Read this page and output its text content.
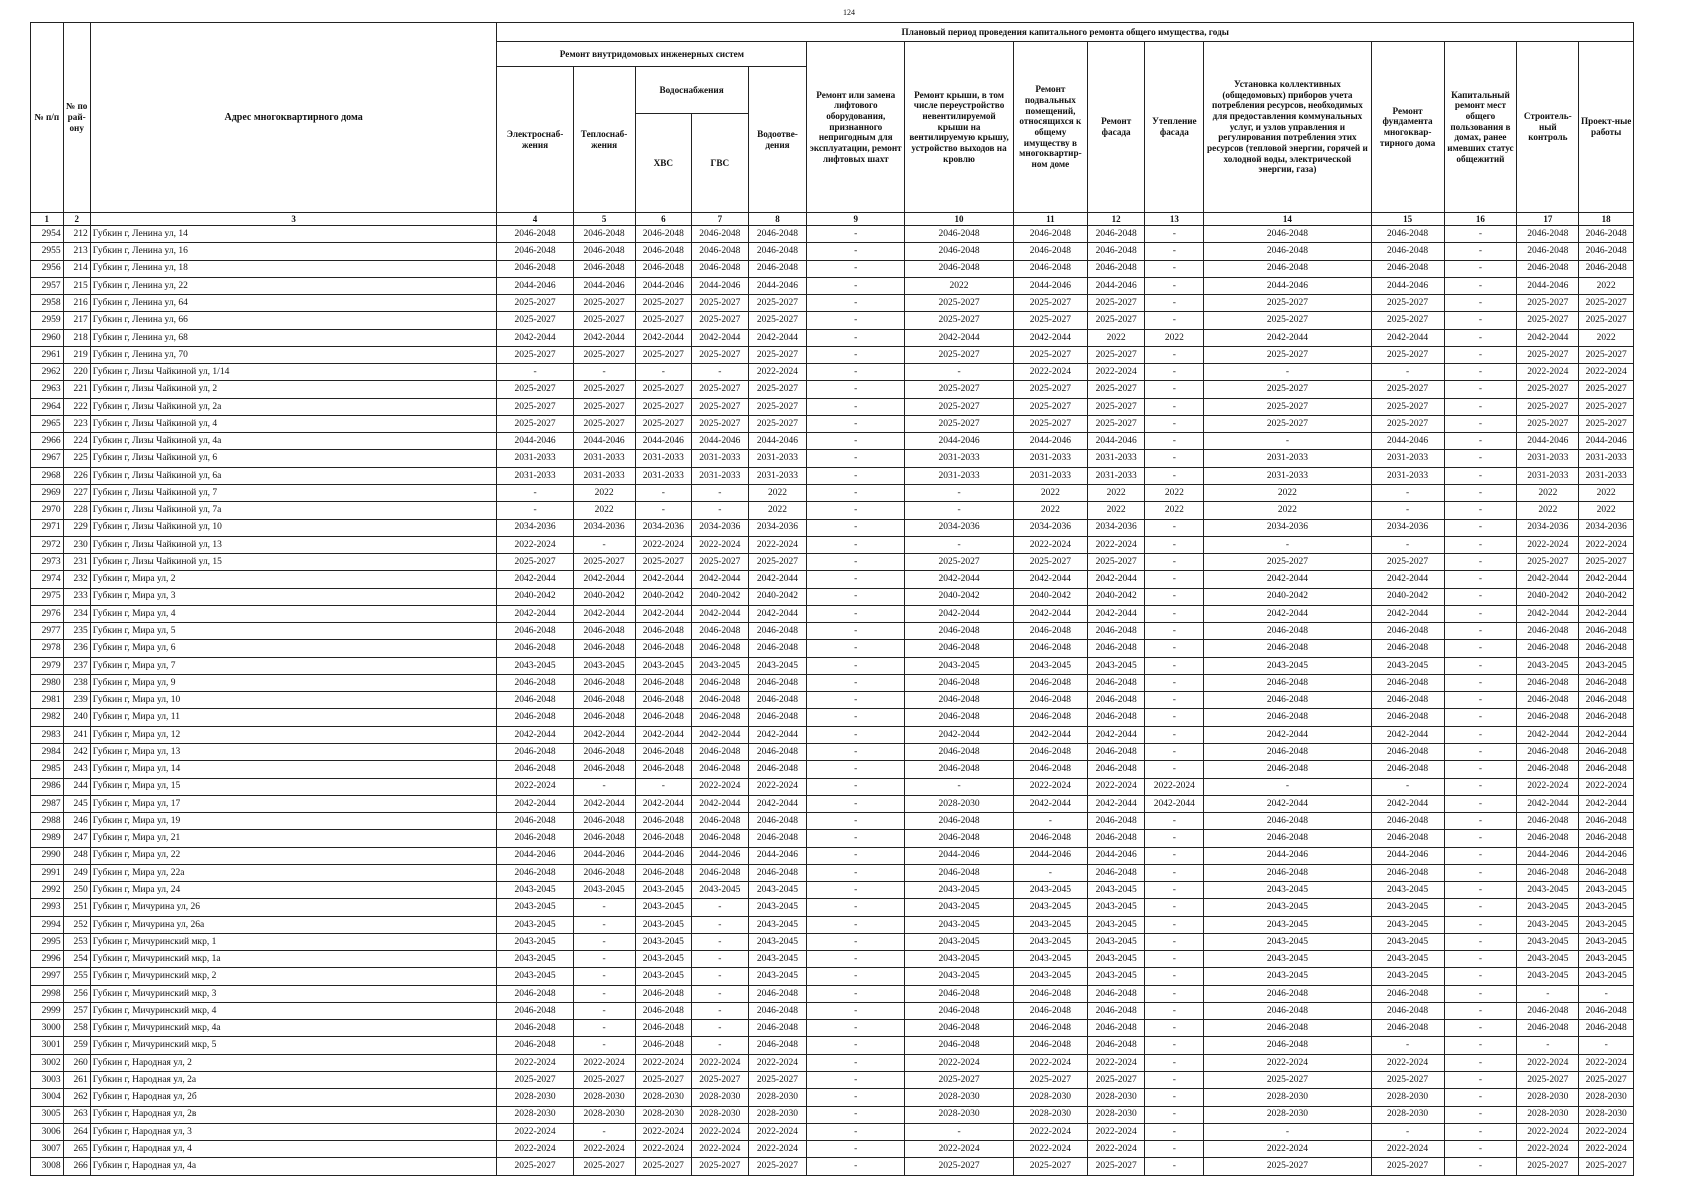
124
№ п/п	№ по рай-ону	Адрес многоквартирного дома	Плановый период проведения капитального ремонта общего имущества, годы														
			Ремонт внутридомовых инженерных систем					Ремонт или замена лифтового оборудования, признанного непригодным для эксплуатации, ремонт лифтовых шахт	Ремонт крыши, в том числе переустройство невентилируемой крыши на вентилируемую крышу, устройство выходов на кровлю	Ремонт подвальных помещений, относящихся к общему имуществу в многоквартир-ном доме	Ремонт фасада	Утепление фасада	Установка коллективных (общедомовых) приборов учета потребления ресурсов, необходимых для предоставления коммунальных услуг, и узлов управления и регулирования потребления этих ресурсов (тепловой энергии, горячей и холодной воды, электрической энергии, газа)	Ремонт фундамента многоквар-тирного дома	Капитальный ремонт мест общего пользования в домах, ранее имевших статус общежитий	Строитель-ный контроль	Проект-ные работы
			Электроснаб-жения	Теплоснаб-жения	Водоснабжения		Водоотве-дения										
					ХВС	ГВС											
1	2	3	4	5	6	7	8	9	10	11	12	13	14	15	16	17	18
2954	212	Губкин г, Ленина ул, 14	2046-2048	2046-2048	2046-2048	2046-2048	2046-2048	-	2046-2048	2046-2048	2046-2048	-	2046-2048	2046-2048	-	2046-2048	2046-2048
2955	213	Губкин г, Ленина ул, 16	2046-2048	2046-2048	2046-2048	2046-2048	2046-2048	-	2046-2048	2046-2048	2046-2048	-	2046-2048	2046-2048	-	2046-2048	2046-2048
2956	214	Губкин г, Ленина ул, 18	2046-2048	2046-2048	2046-2048	2046-2048	2046-2048	-	2046-2048	2046-2048	2046-2048	-	2046-2048	2046-2048	-	2046-2048	2046-2048
2957	215	Губкин г, Ленина ул, 22	2044-2046	2044-2046	2044-2046	2044-2046	2044-2046	-	2022	2044-2046	2044-2046	-	2044-2046	2044-2046	-	2044-2046	2022
2958	216	Губкин г, Ленина ул, 64	2025-2027	2025-2027	2025-2027	2025-2027	2025-2027	-	2025-2027	2025-2027	2025-2027	-	2025-2027	2025-2027	-	2025-2027	2025-2027
2959	217	Губкин г, Ленина ул, 66	2025-2027	2025-2027	2025-2027	2025-2027	2025-2027	-	2025-2027	2025-2027	2025-2027	-	2025-2027	2025-2027	-	2025-2027	2025-2027
2960	218	Губкин г, Ленина ул, 68	2042-2044	2042-2044	2042-2044	2042-2044	2042-2044	-	2042-2044	2042-2044	2022	2022	2042-2044	2042-2044	-	2042-2044	2022
2961	219	Губкин г, Ленина ул, 70	2025-2027	2025-2027	2025-2027	2025-2027	2025-2027	-	2025-2027	2025-2027	2025-2027	-	2025-2027	2025-2027	-	2025-2027	2025-2027
2962	220	Губкин г, Лизы Чайкиной ул, 1/14	-	-	-	-	2022-2024	-	-	2022-2024	2022-2024	-	-	-	-	2022-2024	2022-2024
2963	221	Губкин г, Лизы Чайкиной ул, 2	2025-2027	2025-2027	2025-2027	2025-2027	2025-2027	-	2025-2027	2025-2027	2025-2027	-	2025-2027	2025-2027	-	2025-2027	2025-2027
2964	222	Губкин г, Лизы Чайкиной ул, 2а	2025-2027	2025-2027	2025-2027	2025-2027	2025-2027	-	2025-2027	2025-2027	2025-2027	-	2025-2027	2025-2027	-	2025-2027	2025-2027
2965	223	Губкин г, Лизы Чайкиной ул, 4	2025-2027	2025-2027	2025-2027	2025-2027	2025-2027	-	2025-2027	2025-2027	2025-2027	-	2025-2027	2025-2027	-	2025-2027	2025-2027
2966	224	Губкин г, Лизы Чайкиной ул, 4а	2044-2046	2044-2046	2044-2046	2044-2046	2044-2046	-	2044-2046	2044-2046	2044-2046	-	-	2044-2046	-	2044-2046	2044-2046
2967	225	Губкин г, Лизы Чайкиной ул, 6	2031-2033	2031-2033	2031-2033	2031-2033	2031-2033	-	2031-2033	2031-2033	2031-2033	-	2031-2033	2031-2033	-	2031-2033	2031-2033
2968	226	Губкин г, Лизы Чайкиной ул, 6а	2031-2033	2031-2033	2031-2033	2031-2033	2031-2033	-	2031-2033	2031-2033	2031-2033	-	2031-2033	2031-2033	-	2031-2033	2031-2033
2969	227	Губкин г, Лизы Чайкиной ул, 7	-	2022	-	-	2022	-	-	2022	2022	2022	2022	-	-	2022	2022
2970	228	Губкин г, Лизы Чайкиной ул, 7а	-	2022	-	-	2022	-	-	2022	2022	2022	2022	-	-	2022	2022
2971	229	Губкин г, Лизы Чайкиной ул, 10	2034-2036	2034-2036	2034-2036	2034-2036	2034-2036	-	2034-2036	2034-2036	2034-2036	-	2034-2036	2034-2036	-	2034-2036	2034-2036
2972	230	Губкин г, Лизы Чайкиной ул, 13	2022-2024	-	2022-2024	2022-2024	2022-2024	-	-	2022-2024	2022-2024	-	-	-	-	2022-2024	2022-2024
2973	231	Губкин г, Лизы Чайкиной ул, 15	2025-2027	2025-2027	2025-2027	2025-2027	2025-2027	-	2025-2027	2025-2027	2025-2027	-	2025-2027	2025-2027	-	2025-2027	2025-2027
2974	232	Губкин г, Мира ул, 2	2042-2044	2042-2044	2042-2044	2042-2044	2042-2044	-	2042-2044	2042-2044	2042-2044	-	2042-2044	2042-2044	-	2042-2044	2042-2044
2975	233	Губкин г, Мира ул, 3	2040-2042	2040-2042	2040-2042	2040-2042	2040-2042	-	2040-2042	2040-2042	2040-2042	-	2040-2042	2040-2042	-	2040-2042	2040-2042
2976	234	Губкин г, Мира ул, 4	2042-2044	2042-2044	2042-2044	2042-2044	2042-2044	-	2042-2044	2042-2044	2042-2044	-	2042-2044	2042-2044	-	2042-2044	2042-2044
2977	235	Губкин г, Мира ул, 5	2046-2048	2046-2048	2046-2048	2046-2048	2046-2048	-	2046-2048	2046-2048	2046-2048	-	2046-2048	2046-2048	-	2046-2048	2046-2048
2978	236	Губкин г, Мира ул, 6	2046-2048	2046-2048	2046-2048	2046-2048	2046-2048	-	2046-2048	2046-2048	2046-2048	-	2046-2048	2046-2048	-	2046-2048	2046-2048
2979	237	Губкин г, Мира ул, 7	2043-2045	2043-2045	2043-2045	2043-2045	2043-2045	-	2043-2045	2043-2045	2043-2045	-	2043-2045	2043-2045	-	2043-2045	2043-2045
2980	238	Губкин г, Мира ул, 9	2046-2048	2046-2048	2046-2048	2046-2048	2046-2048	-	2046-2048	2046-2048	2046-2048	-	2046-2048	2046-2048	-	2046-2048	2046-2048
2981	239	Губкин г, Мира ул, 10	2046-2048	2046-2048	2046-2048	2046-2048	2046-2048	-	2046-2048	2046-2048	2046-2048	-	2046-2048	2046-2048	-	2046-2048	2046-2048
2982	240	Губкин г, Мира ул, 11	2046-2048	2046-2048	2046-2048	2046-2048	2046-2048	-	2046-2048	2046-2048	2046-2048	-	2046-2048	2046-2048	-	2046-2048	2046-2048
2983	241	Губкин г, Мира ул, 12	2042-2044	2042-2044	2042-2044	2042-2044	2042-2044	-	2042-2044	2042-2044	2042-2044	-	2042-2044	2042-2044	-	2042-2044	2042-2044
2984	242	Губкин г, Мира ул, 13	2046-2048	2046-2048	2046-2048	2046-2048	2046-2048	-	2046-2048	2046-2048	2046-2048	-	2046-2048	2046-2048	-	2046-2048	2046-2048
2985	243	Губкин г, Мира ул, 14	2046-2048	2046-2048	2046-2048	2046-2048	2046-2048	-	2046-2048	2046-2048	2046-2048	-	2046-2048	2046-2048	-	2046-2048	2046-2048
2986	244	Губкин г, Мира ул, 15	2022-2024	-	-	2022-2024	2022-2024	-	-	2022-2024	2022-2024	2022-2024	-	-	-	2022-2024	2022-2024
2987	245	Губкин г, Мира ул, 17	2042-2044	2042-2044	2042-2044	2042-2044	2042-2044	-	2028-2030	2042-2044	2042-2044	2042-2044	2042-2044	2042-2044	-	2042-2044	2042-2044
2988	246	Губкин г, Мира ул, 19	2046-2048	2046-2048	2046-2048	2046-2048	2046-2048	-	2046-2048	-	2046-2048	-	2046-2048	2046-2048	-	2046-2048	2046-2048
2989	247	Губкин г, Мира ул, 21	2046-2048	2046-2048	2046-2048	2046-2048	2046-2048	-	2046-2048	2046-2048	2046-2048	-	2046-2048	2046-2048	-	2046-2048	2046-2048
2990	248	Губкин г, Мира ул, 22	2044-2046	2044-2046	2044-2046	2044-2046	2044-2046	-	2044-2046	2044-2046	2044-2046	-	2044-2046	2044-2046	-	2044-2046	2044-2046
2991	249	Губкин г, Мира ул, 22а	2046-2048	2046-2048	2046-2048	2046-2048	2046-2048	-	2046-2048	-	2046-2048	-	2046-2048	2046-2048	-	2046-2048	2046-2048
2992	250	Губкин г, Мира ул, 24	2043-2045	2043-2045	2043-2045	2043-2045	2043-2045	-	2043-2045	2043-2045	2043-2045	-	2043-2045	2043-2045	-	2043-2045	2043-2045
2993	251	Губкин г, Мичурина ул, 26	2043-2045	-	2043-2045	-	2043-2045	-	2043-2045	2043-2045	2043-2045	-	2043-2045	2043-2045	-	2043-2045	2043-2045
2994	252	Губкин г, Мичурина ул, 26а	2043-2045	-	2043-2045	-	2043-2045	-	2043-2045	2043-2045	2043-2045	-	2043-2045	2043-2045	-	2043-2045	2043-2045
2995	253	Губкин г, Мичуринский мкр, 1	2043-2045	-	2043-2045	-	2043-2045	-	2043-2045	2043-2045	2043-2045	-	2043-2045	2043-2045	-	2043-2045	2043-2045
2996	254	Губкин г, Мичуринский мкр, 1а	2043-2045	-	2043-2045	-	2043-2045	-	2043-2045	2043-2045	2043-2045	-	2043-2045	2043-2045	-	2043-2045	2043-2045
2997	255	Губкин г, Мичуринский мкр, 2	2043-2045	-	2043-2045	-	2043-2045	-	2043-2045	2043-2045	2043-2045	-	2043-2045	2043-2045	-	2043-2045	2043-2045
2998	256	Губкин г, Мичуринский мкр, 3	2046-2048	-	2046-2048	-	2046-2048	-	2046-2048	2046-2048	2046-2048	-	2046-2048	2046-2048	-	-	-
2999	257	Губкин г, Мичуринский мкр, 4	2046-2048	-	2046-2048	-	2046-2048	-	2046-2048	2046-2048	2046-2048	-	2046-2048	2046-2048	-	2046-2048	2046-2048
3000	258	Губкин г, Мичуринский мкр, 4а	2046-2048	-	2046-2048	-	2046-2048	-	2046-2048	2046-2048	2046-2048	-	2046-2048	2046-2048	-	2046-2048	2046-2048
3001	259	Губкин г, Мичуринский мкр, 5	2046-2048	-	2046-2048	-	2046-2048	-	2046-2048	2046-2048	2046-2048	-	2046-2048	-	-	-	-
3002	260	Губкин г, Народная ул, 2	2022-2024	2022-2024	2022-2024	2022-2024	2022-2024	-	2022-2024	2022-2024	2022-2024	-	2022-2024	2022-2024	-	2022-2024	2022-2024
3003	261	Губкин г, Народная ул, 2а	2025-2027	2025-2027	2025-2027	2025-2027	2025-2027	-	2025-2027	2025-2027	2025-2027	-	2025-2027	2025-2027	-	2025-2027	2025-2027
3004	262	Губкин г, Народная ул, 2б	2028-2030	2028-2030	2028-2030	2028-2030	2028-2030	-	2028-2030	2028-2030	2028-2030	-	2028-2030	2028-2030	-	2028-2030	2028-2030
3005	263	Губкин г, Народная ул, 2в	2028-2030	2028-2030	2028-2030	2028-2030	2028-2030	-	2028-2030	2028-2030	2028-2030	-	2028-2030	2028-2030	-	2028-2030	2028-2030
3006	264	Губкин г, Народная ул, 3	2022-2024	-	2022-2024	2022-2024	2022-2024	-	-	2022-2024	2022-2024	-	-	-	-	2022-2024	2022-2024
3007	265	Губкин г, Народная ул, 4	2022-2024	2022-2024	2022-2024	2022-2024	2022-2024	-	2022-2024	2022-2024	2022-2024	-	2022-2024	2022-2024	-	2022-2024	2022-2024
3008	266	Губкин г, Народная ул, 4а	2025-2027	2025-2027	2025-2027	2025-2027	2025-2027	-	2025-2027	2025-2027	2025-2027	-	2025-2027	2025-2027	-	2025-2027	2025-2027
